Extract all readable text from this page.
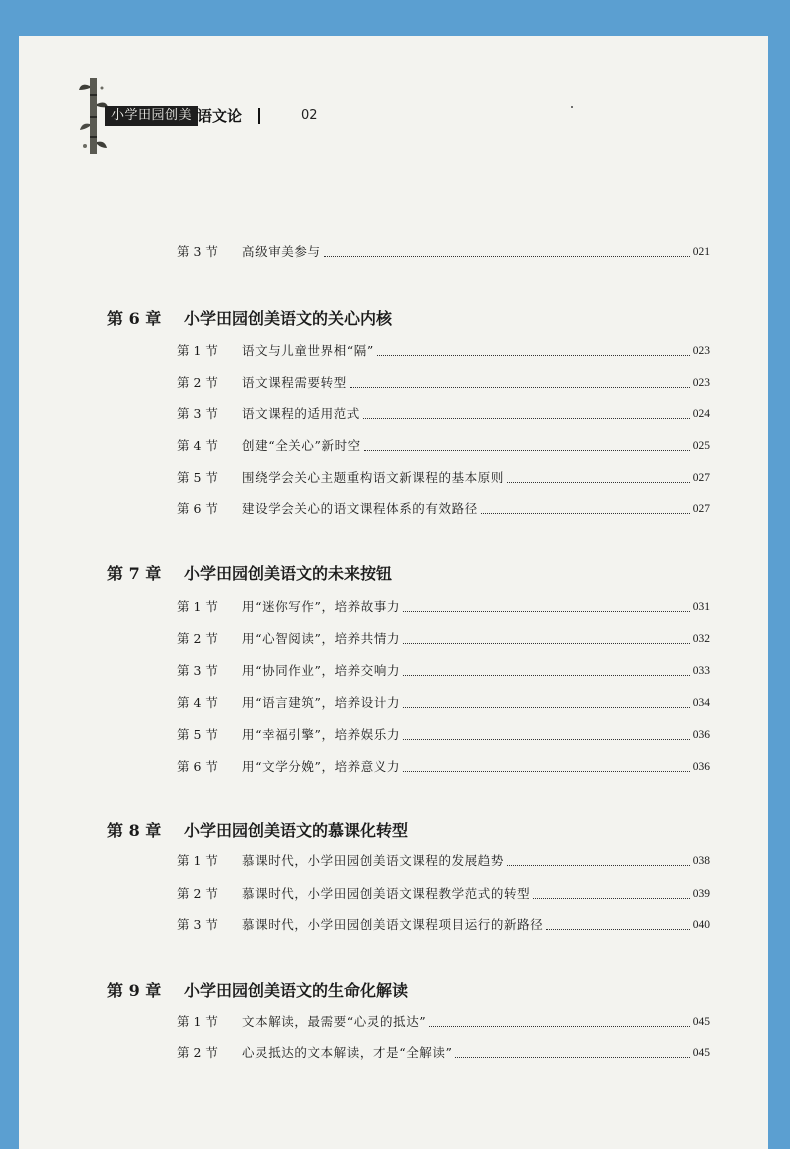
小学田园创美 语文论	02
第 3 节	高级审美参与	021
第 6 章 小学田园创美语文的关心内核
第 1 节	语文与儿童世界相“隔”	023
第 2 节	语文课程需要转型	023
第 3 节	语文课程的适用范式	024
第 4 节	创建“全关心”新时空	025
第 5 节	围绕学会关心主题重构语文新课程的基本原则	027
第 6 节	建设学会关心的语文课程体系的有效路径	027
第 7 章 小学田园创美语文的未来按钮
第 1 节	用“迷你写作”，培养故事力	031
第 2 节	用“心智阅读”，培养共情力	032
第 3 节	用“协同作业”，培养交响力	033
第 4 节	用“语言建筑”，培养设计力	034
第 5 节	用“幸福引擎”，培养娱乐力	036
第 6 节	用“文学分娩”，培养意义力	036
第 8 章 小学田园创美语文的慕课化转型
第 1 节	慕课时代，小学田园创美语文课程的发展趋势	038
第 2 节	慕课时代，小学田园创美语文课程教学范式的转型	039
第 3 节	慕课时代，小学田园创美语文课程项目运行的新路径	040
第 9 章 小学田园创美语文的生命化解读
第 1 节	文本解读，最需要“心灵的抵达”	045
第 2 节	心灵抵达的文本解读，才是“全解读”	045
